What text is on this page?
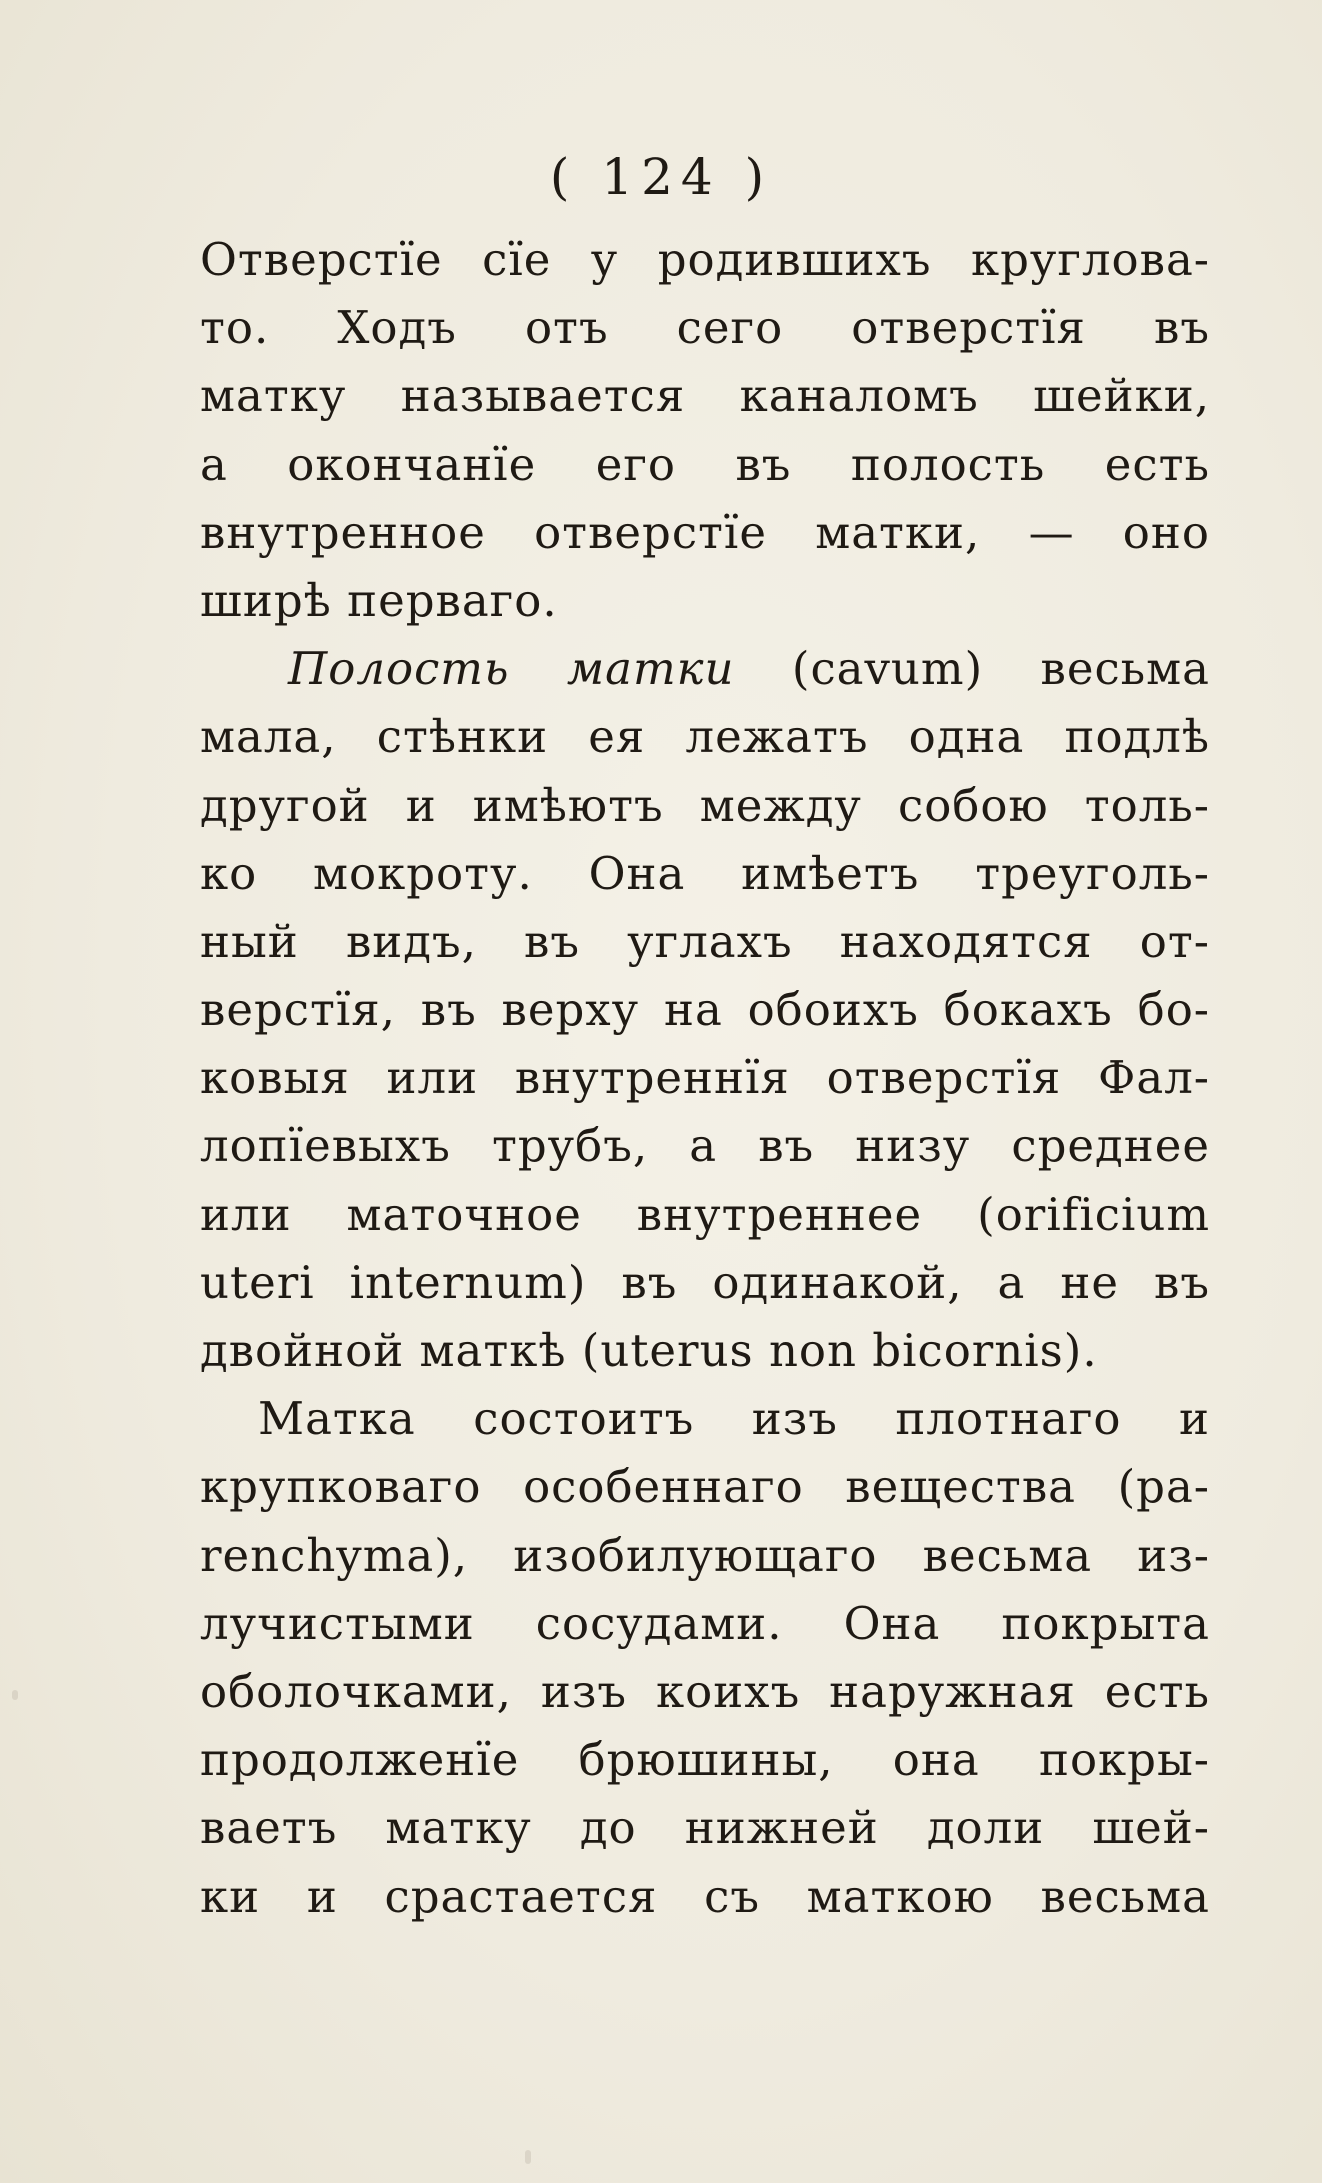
( 124 )
Отверстїе сїе у родившихъ круглова-
то. Ходъ отъ сего отверстїя въ
матку называется каналомъ шейки,
а окончанїе его въ полость есть
внутренное отверстїе матки, — оно
ширѣ перваго.
Полость матки (cavum) весьма
мала, стѣнки ея лежатъ одна подлѣ
другой и имѣютъ между собою толь-
ко мокроту. Она имѣетъ треуголь-
ный видъ, въ углахъ находятся от-
верстїя, въ верху на обоихъ бокахъ бо-
ковыя или внутреннїя отверстїя Фал-
лопїевыхъ трубъ, а въ низу среднее
или маточное внутреннее (orificium
uteri internum) въ одинакой, а не въ
двойной маткѣ (uterus non bicornis).
Матка состоитъ изъ плотнаго и
крупковаго особеннаго вещества (pa-
renchyma), изобилующаго весьма из-
лучистыми сосудами. Она покрыта
оболочками, изъ коихъ наружная есть
продолженїе брюшины, она покры-
ваетъ матку до нижней доли шей-
ки и срастается съ маткою весьма
